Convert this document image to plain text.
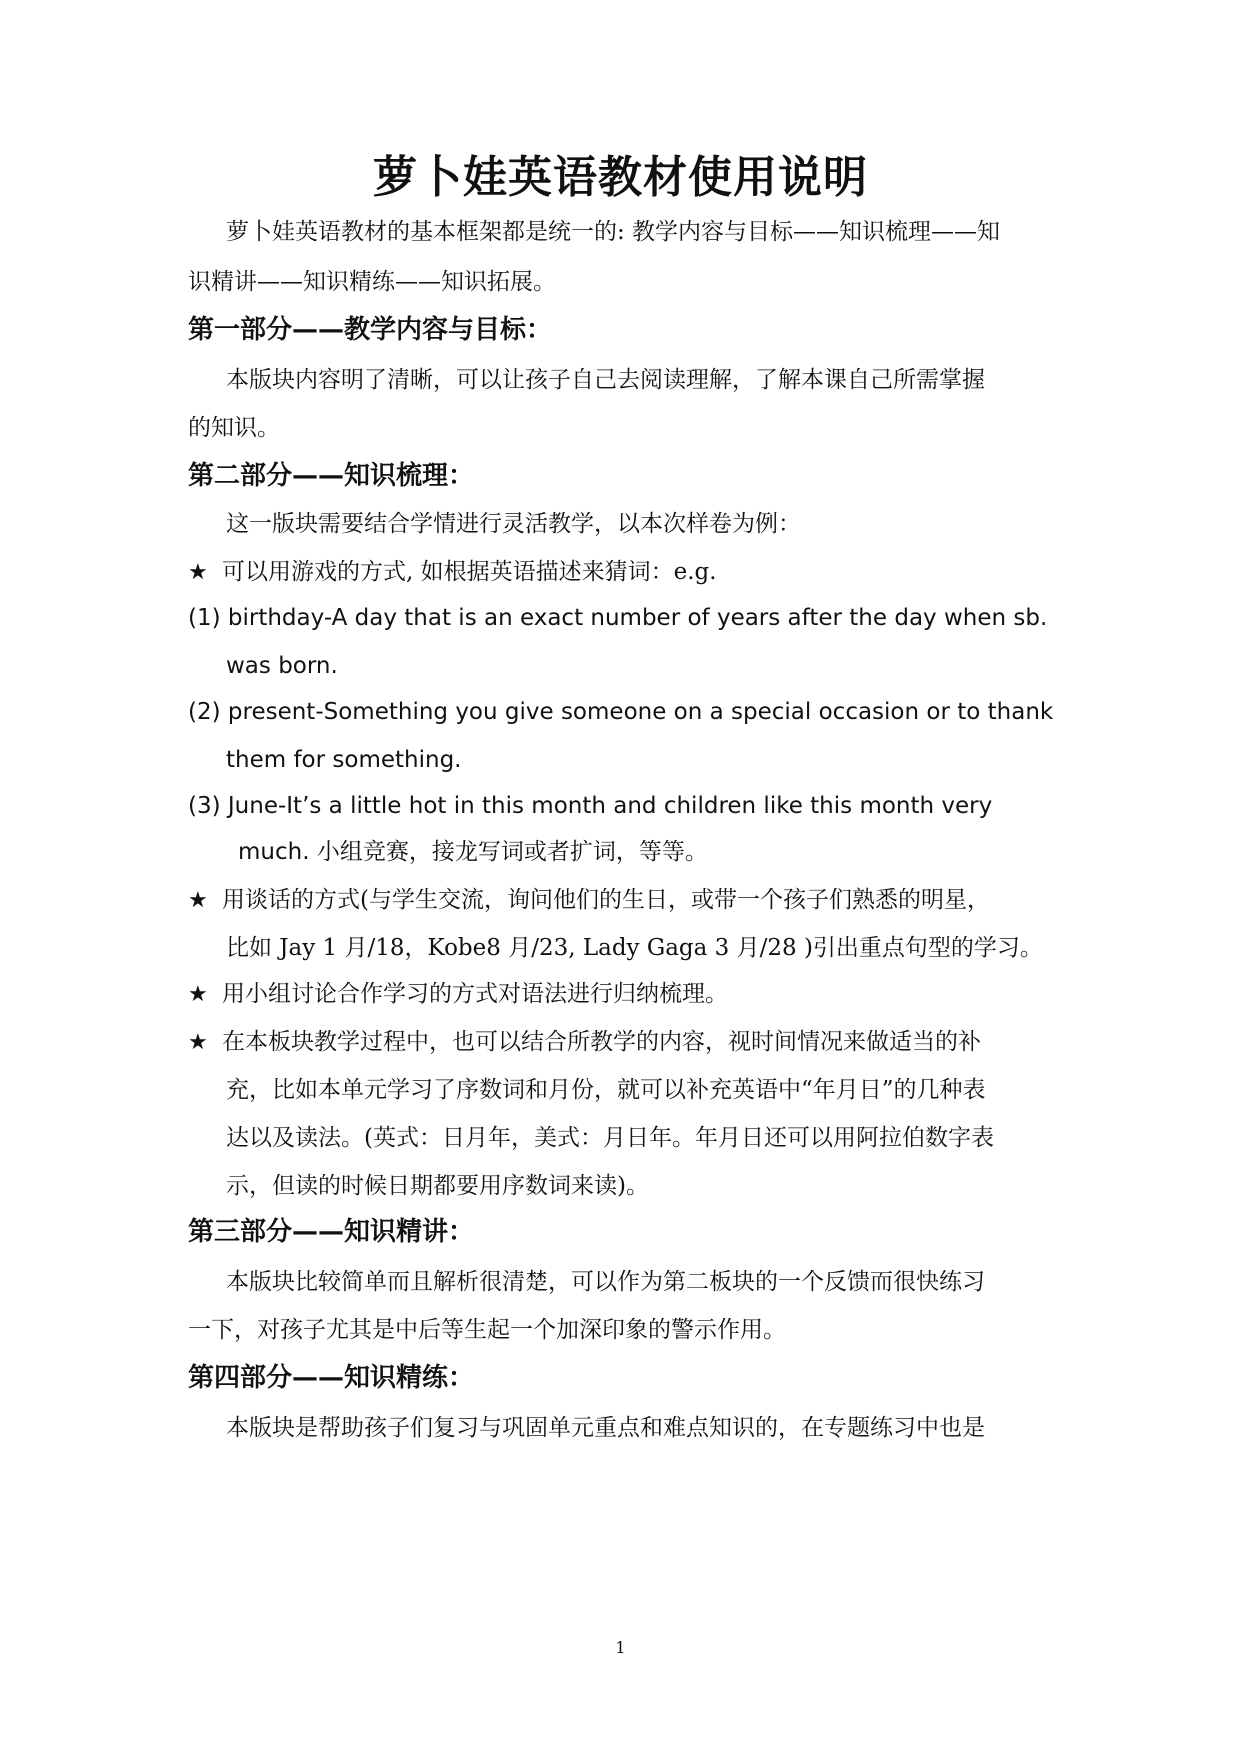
萝卜娃英语教材使用说明
萝卜娃英语教材的基本框架都是统一的: 教学内容与目标——知识梳理——知
识精讲——知识精练——知识拓展。
第一部分——教学内容与目标：
本版块内容明了清晰，可以让孩子自己去阅读理解，了解本课自己所需掌握
的知识。
第二部分——知识梳理：
这一版块需要结合学情进行灵活教学，以本次样卷为例：
★ 可以用游戏的方式, 如根据英语描述来猜词：e.g.
(1) birthday-A day that is an exact number of years after the day when sb.
was born.
(2) present-Something you give someone on a special occasion or to thank
them for something.
(3) June-It’s a little hot in this month and children like this month very
much. 小组竞赛，接龙写词或者扩词，等等。
★ 用谈话的方式(与学生交流，询问他们的生日，或带一个孩子们熟悉的明星，
比如 Jay 1 月/18，Kobe8 月/23, Lady Gaga 3 月/28 )引出重点句型的学习。
★ 用小组讨论合作学习的方式对语法进行归纳梳理。
★ 在本板块教学过程中，也可以结合所教学的内容，视时间情况来做适当的补
充，比如本单元学习了序数词和月份，就可以补充英语中“年月日”的几种表
达以及读法。(英式：日月年，美式：月日年。年月日还可以用阿拉伯数字表
示，但读的时候日期都要用序数词来读)。
第三部分——知识精讲：
本版块比较简单而且解析很清楚，可以作为第二板块的一个反馈而很快练习
一下，对孩子尤其是中后等生起一个加深印象的警示作用。
第四部分——知识精练：
本版块是帮助孩子们复习与巩固单元重点和难点知识的，在专题练习中也是
1
